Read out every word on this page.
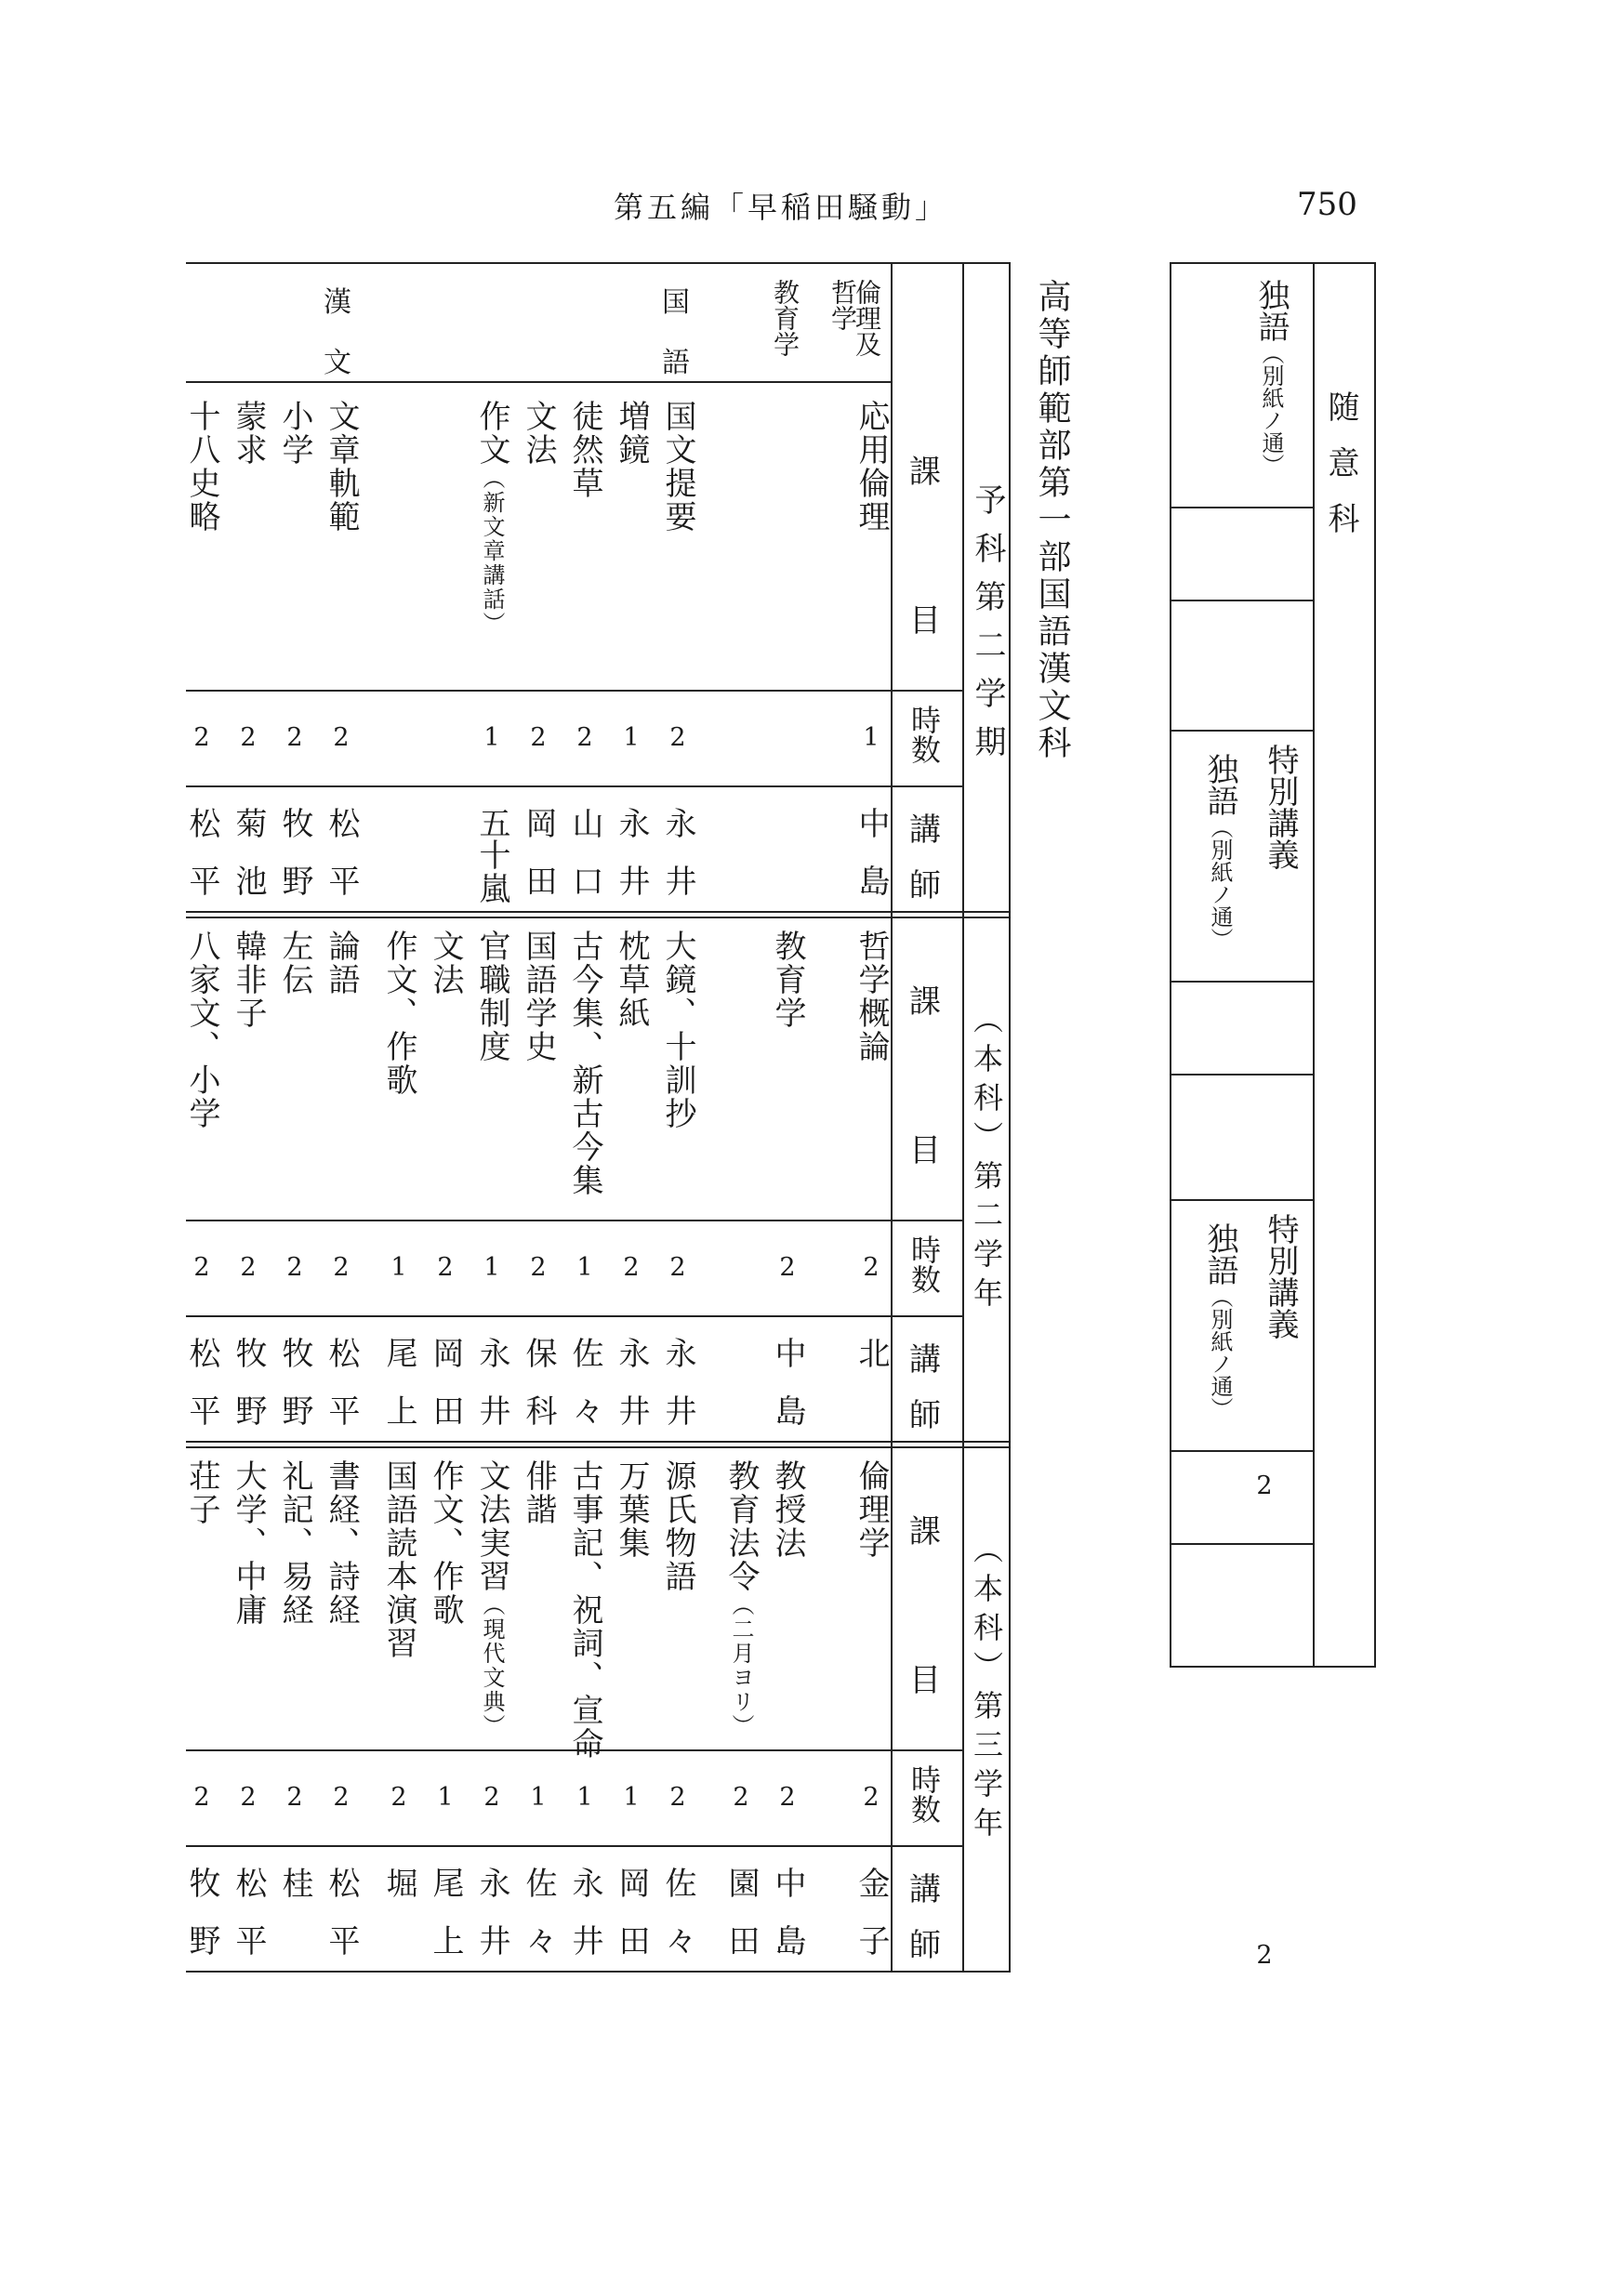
第五編「早稲田騒動」	750
高等師範部第一部国語漢文科
倫理及
哲学
教育学
国
語
漢
文
予科第二学期
（本科）第二学年
（本科）第三学年
課
目
時数
講
師
課
目
時数
講
師
課
目
時数
講
師
応用倫理
1
中
島
国文提要
2
永
井
増鏡
1
永
井
徒然草
2
山
口
文法
2
岡
田
作文（新文章講話）
1
五十
嵐
文章軌範
2
松
平
小学
2
牧
野
蒙求
2
菊
池
十八史略
2
松
平
哲学概論
2
北
教育学
2
中
島
大鏡、十訓抄
2
永
井
枕草紙
2
永
井
古今集、新古今集
1
佐
々
国語学史
2
保
科
官職制度
1
永
井
文法
2
岡
田
作文、作歌
1
尾
上
論語
2
松
平
左伝
2
牧
野
韓非子
2
牧
野
八家文、小学
2
松
平
倫理学
2
金
子
教授法
2
中
島
教育法令（二月ヨリ）
2
園
田
源氏物語
2
佐
々
万葉集
1
岡
田
古事記、祝詞、宣命
1
永
井
俳諧
1
佐
々
文法実習（現代文典）
2
永
井
作文、作歌
1
尾
上
国語読本演習
2
堀
書経、詩経
2
松
平
礼記、易経
2
桂
大学、中庸
2
松
平
荘子
2
牧
野
随意科
独語（別紙ノ通）
特別講義
独語（別紙ノ通）
2
特別講義
独語（別紙ノ通）
2
